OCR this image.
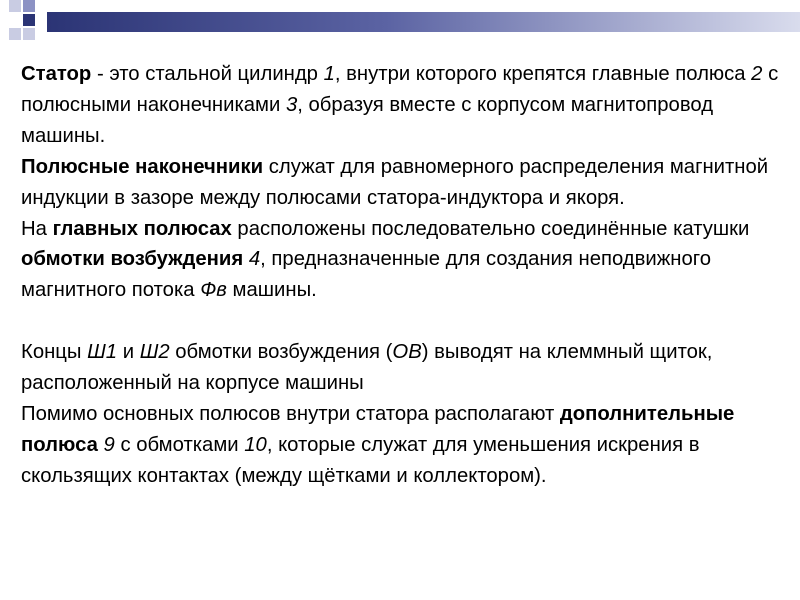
Статор - это стальной цилиндр 1, внутри которого крепятся главные полюса 2 с полюсными наконечниками 3, образуя вместе с корпусом магнитопровод машины.

Полюсные наконечники служат для равномерного распределения магнитной индукции в зазоре между полюсами статора-индуктора и якоря.

На главных полюсах расположены последовательно соединённые катушки обмотки возбуждения 4, предназначенные для создания неподвижного магнитного потока Фв машины.

Концы Ш1 и Ш2 обмотки возбуждения (ОВ) выводят на клеммный щиток, расположенный на корпусе машины

Помимо основных полюсов внутри статора располагают дополнительные полюса 9 с обмотками 10, которые служат для уменьшения искрения в скользящих контактах (между щётками и коллектором).
